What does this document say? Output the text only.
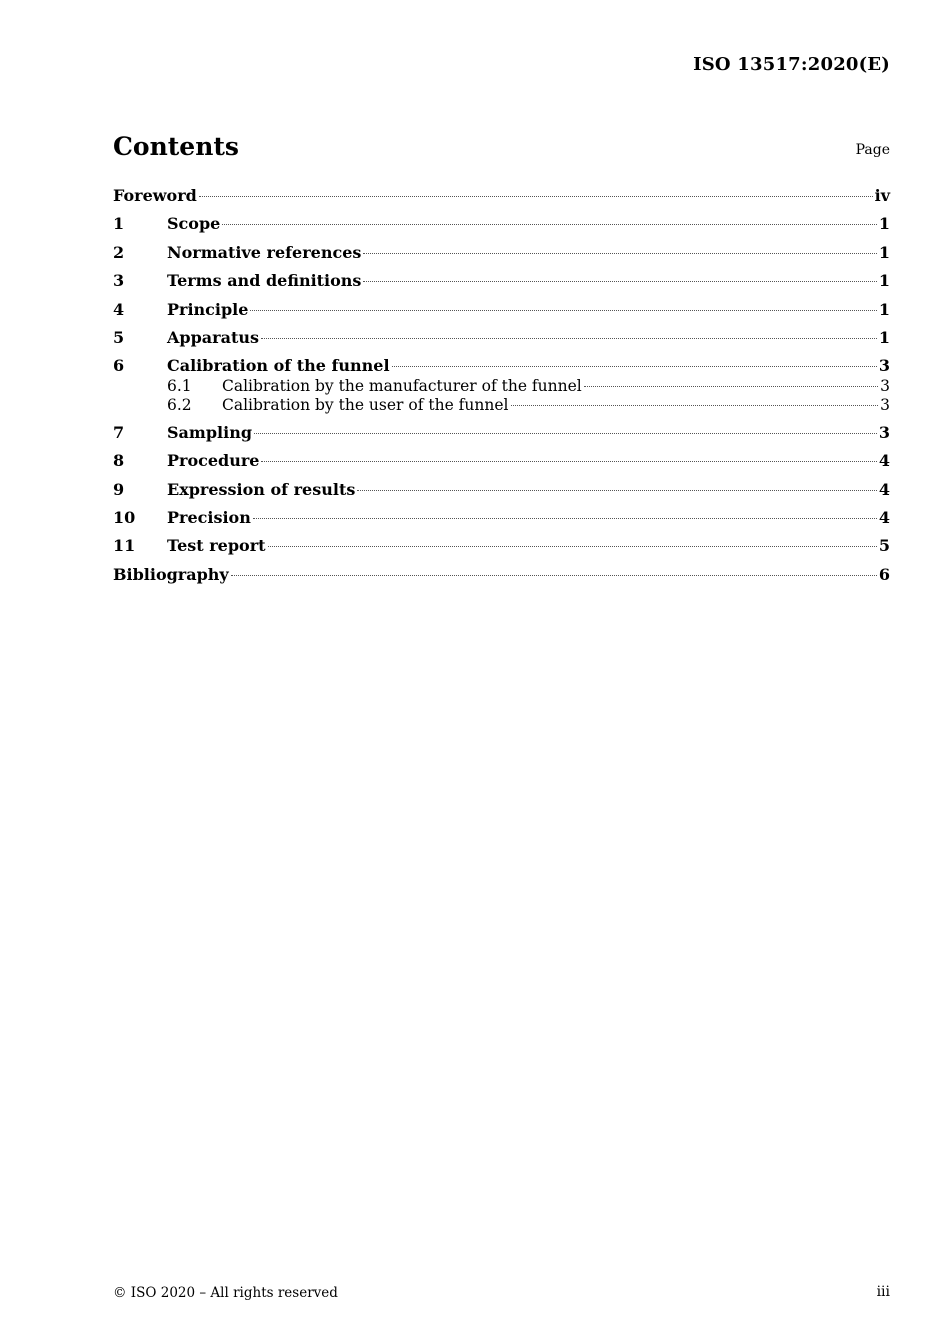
ISO 13517:2020(E)
Contents	Page
Foreword	iv
1	Scope	1
2	Normative references	1
3	Terms and definitions	1
4	Principle	1
5	Apparatus	1
6	Calibration of the funnel	3
6.1	Calibration by the manufacturer of the funnel	3
6.2	Calibration by the user of the funnel	3
7	Sampling	3
8	Procedure	4
9	Expression of results	4
10	Precision	4
11	Test report	5
Bibliography	6
© ISO 2020 – All rights reserved	iii
